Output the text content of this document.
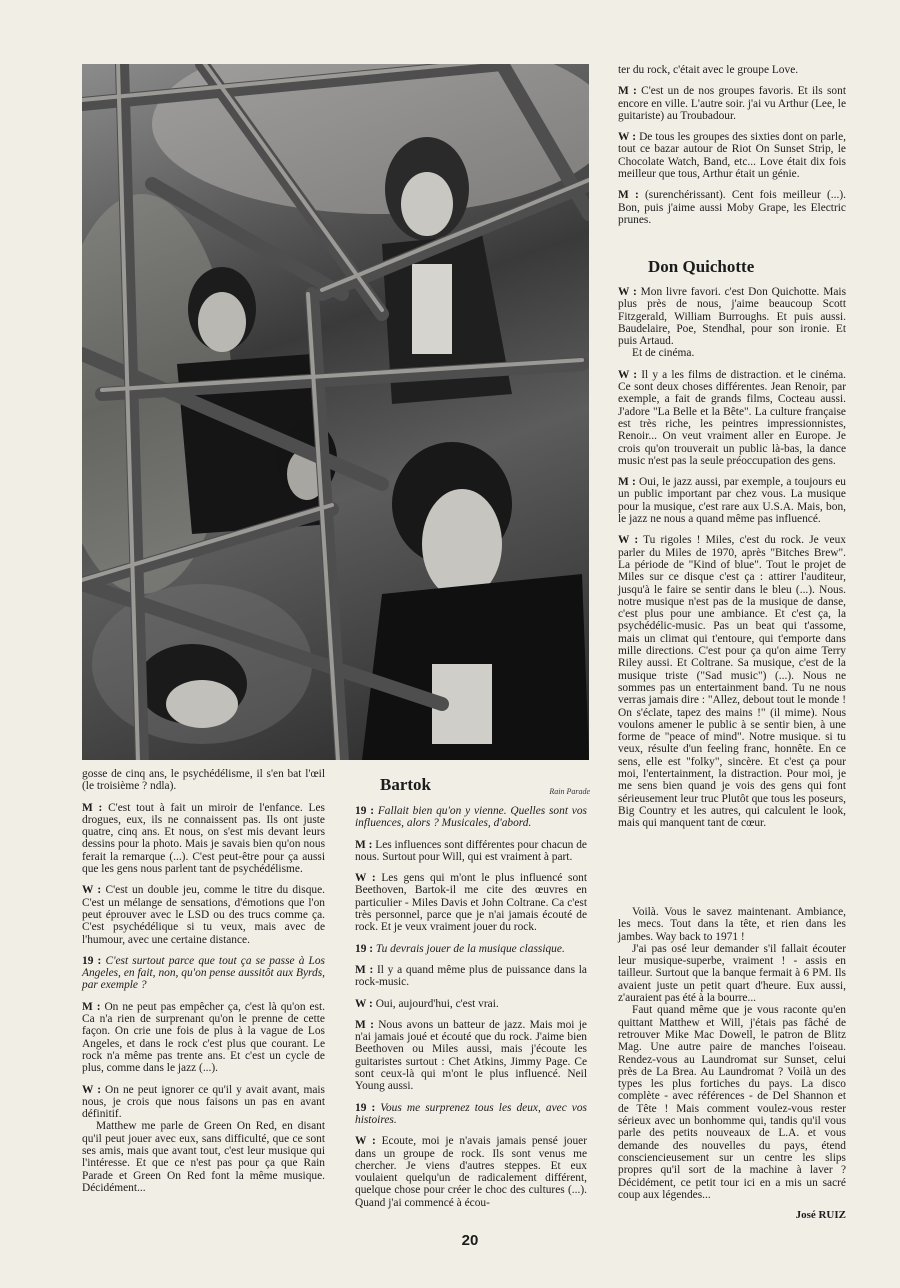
Rain Parade

gosse de cinq ans, le psychédélisme, il s'en bat l'œil (le troisième ? ndla).

M : C'est tout à fait un miroir de l'enfance. Les drogues, eux, ils ne connaissent pas. Ils ont juste quatre, cinq ans. Et nous, on s'est mis devant leurs dessins pour la photo. Mais je savais bien qu'on nous ferait la remarque (...). C'est peut-être pour ça aussi que les gens nous parlent tant de psychédélisme.

W : C'est un double jeu, comme le titre du disque. C'est un mélange de sensations, d'émotions que l'on peut éprouver avec le LSD ou des trucs comme ça. C'est psychédélique si tu veux, mais avec de l'humour, avec une certaine distance.

19 : C'est surtout parce que tout ça se passe à Los Angeles, en fait, non, qu'on pense aussitôt aux Byrds, par exemple ?

M : On ne peut pas empêcher ça, c'est là qu'on est. Ca n'a rien de surprenant qu'on le prenne de cette façon. On crie une fois de plus à la vague de Los Angeles, et dans le rock c'est plus que courant. Le rock n'a même pas trente ans. Et c'est un cycle de plus, comme dans le jazz (...).

W : On ne peut ignorer ce qu'il y avait avant, mais nous, je crois que nous faisons un pas en avant définitif.

Matthew me parle de Green On Red, en disant qu'il peut jouer avec eux, sans difficulté, que ce sont ses amis, mais que avant tout, c'est leur musique qui l'intéresse. Et que ce n'est pas pour ça que Rain Parade et Green On Red font la même musique. Décidément...

Bartok

19 : Fallait bien qu'on y vienne. Quelles sont vos influences, alors ? Musicales, d'abord.

M : Les influences sont différentes pour chacun de nous. Surtout pour Will, qui est vraiment à part.

W : Les gens qui m'ont le plus influencé sont Beethoven, Bartok-il me cite des œuvres en particulier - Miles Davis et John Coltrane. Ca c'est très personnel, parce que je n'ai jamais écouté de rock. Et je veux vraiment jouer du rock.

19 : Tu devrais jouer de la musique classique.

M : Il y a quand même plus de puissance dans la rock-music.

W : Oui, aujourd'hui, c'est vrai.

M : Nous avons un batteur de jazz. Mais moi je n'ai jamais joué et écouté que du rock. J'aime bien Beethoven ou Miles aussi, mais j'écoute les guitaristes surtout : Chet Atkins, Jimmy Page. Ce sont ceux-là qui m'ont le plus influencé. Neil Young aussi.

19 : Vous me surprenez tous les deux, avec vos histoires.

W : Ecoute, moi je n'avais jamais pensé jouer dans un groupe de rock. Ils sont venus me chercher. Je viens d'autres steppes. Et eux voulaient quelqu'un de radicalement différent, quelque chose pour créer le choc des cultures (...). Quand j'ai commencé à écou-

ter du rock, c'était avec le groupe Love.

M : C'est un de nos groupes favoris. Et ils sont encore en ville. L'autre soir. j'ai vu Arthur (Lee, le guitariste) au Troubadour.

W : De tous les groupes des sixties dont on parle, tout ce bazar autour de Riot On Sunset Strip, le Chocolate Watch, Band, etc... Love était dix fois meilleur que tous, Arthur était un génie.

M : (surenchérissant). Cent fois meilleur (...). Bon, puis j'aime aussi Moby Grape, les Electric prunes.

Don Quichotte

W : Mon livre favori. c'est Don Quichotte. Mais plus près de nous, j'aime beaucoup Scott Fitzgerald, William Burroughs. Et puis aussi. Baudelaire, Poe, Stendhal, pour son ironie. Et puis Artaud.

Et de cinéma.

W : Il y a les films de distraction. et le cinéma. Ce sont deux choses différentes. Jean Renoir, par exemple, a fait de grands films, Cocteau aussi. J'adore "La Belle et la Bête". La culture française est très riche, les peintres impressionnistes, Renoir... On veut vraiment aller en Europe. Je crois qu'on trouverait un public là-bas, la dance music n'est pas la seule préoccupation des gens.

M : Oui, le jazz aussi, par exemple, a toujours eu un public important par chez vous. La musique pour la musique, c'est rare aux U.S.A. Mais, bon, le jazz ne nous a quand même pas influencé.

W : Tu rigoles ! Miles, c'est du rock. Je veux parler du Miles de 1970, après "Bitches Brew". La période de "Kind of blue". Tout le projet de Miles sur ce disque c'est ça : attirer l'auditeur, jusqu'à le faire se sentir dans le bleu (...). Nous. notre musique n'est pas de la musique de danse, c'est plus pour une ambiance. Et c'est ça, la psychédélic-music. Pas un beat qui t'assome, mais un climat qui t'entoure, qui t'emporte dans mille directions. C'est pour ça qu'on aime Terry Riley aussi. Et Coltrane. Sa musique, c'est de la musique triste ("Sad music") (...). Nous ne sommes pas un entertainment band. Tu ne nous verras jamais dire : "Allez, debout tout le monde ! On s'éclate, tapez des mains !" (il mime). Nous voulons amener le public à se sentir bien, à une forme de "peace of mind". Notre musique. si tu veux, résulte d'un feeling franc, honnête. En ce sens, elle est "folky", sincère. Et c'est ça pour moi, l'entertainment, la distraction. Pour moi, je me sens bien quand je vois des gens qui font sérieusement leur truc Plutôt que tous les poseurs, Big Country et les autres, qui calculent le look, mais qui manquent tant de cœur.

Voilà. Vous le savez maintenant. Ambiance, les mecs. Tout dans la tête, et rien dans les jambes. Way back to 1971 !

J'ai pas osé leur demander s'il fallait écouter leur musique-superbe, vraiment ! - assis en tailleur. Surtout que la banque fermait à 6 PM. Ils avaient juste un petit quart d'heure. Eux aussi, z'auraient pas été à la bourre...

Faut quand même que je vous raconte qu'en quittant Matthew et Will, j'étais pas fâché de retrouver Mike Mac Dowell, le patron de Blitz Mag. Une autre paire de manches l'oiseau. Rendez-vous au Laundromat sur Sunset, celui près de La Brea. Au Laundromat ? Voilà un des types les plus fortiches du pays. La disco complète - avec références - de Del Shannon et de Tête ! Mais comment voulez-vous rester sérieux avec un bonhomme qui, tandis qu'il vous parle des petits nouveaux de L.A. et vous demande des nouvelles du pays, étend consciencieusement sur un centre les slips propres qu'il sort de la machine à laver ? Décidément, ce petit tour ici en a mis un sacré coup aux légendes...

José RUIZ
20
